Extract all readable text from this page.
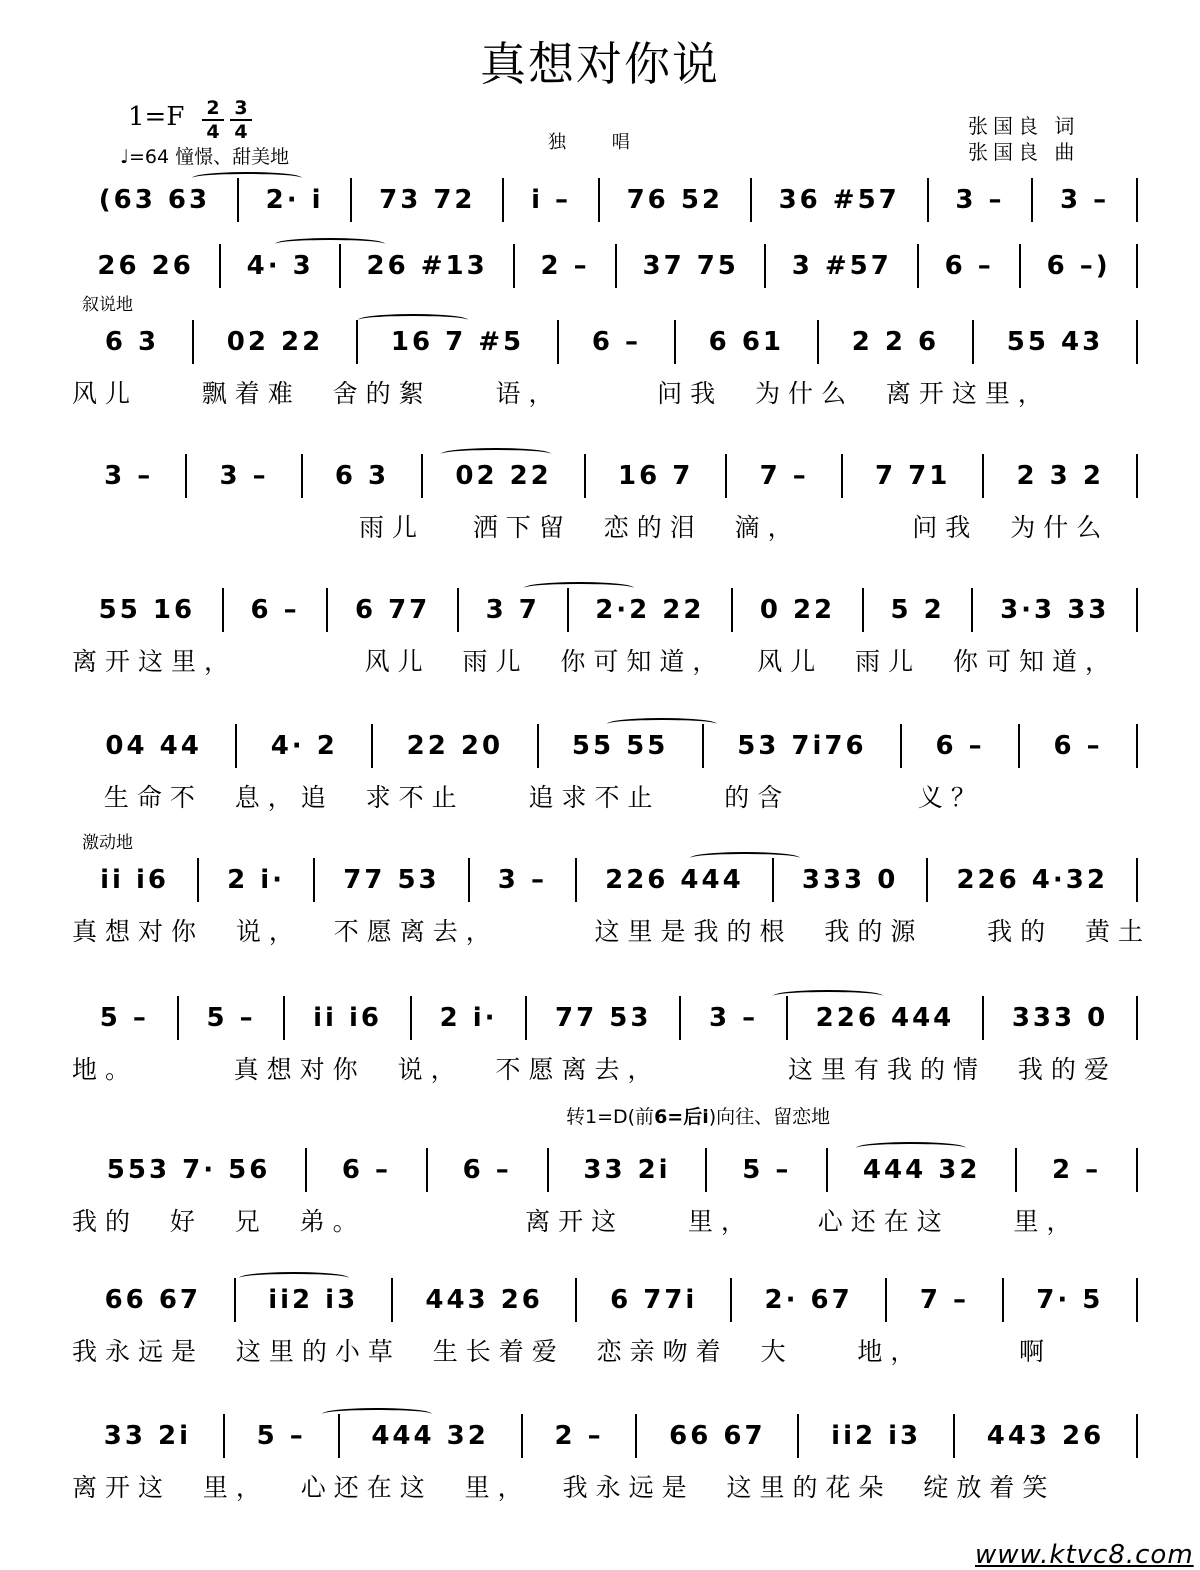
真想对你说
1=F	2
4
3
4
♩=64 憧憬、甜美地
独 唱
张国良 词
张国良 曲
(63 63	2· i	73 72	i –	76 52	36 #57	3 –	3 –
26 26	4· 3	26 #13	2 –	37 75	3 #57	6 –	6 –)
叙说地
6 3	02 22	16 7 #5	6 –	6 61	2 2 6	55 43
风儿    飘着难  舍的絮    语，      问我  为什么  离开这里，
3 –	3 –	6 3	02 22	16 7	7 –	7 71	2 3 2
雨儿   洒下留  恋的泪  滴，       问我  为什么
55 16	6 –	6 77	3 7	2·2 22	0 22	5 2	3·3 33
离开这里，        风儿  雨儿  你可知道，  风儿  雨儿  你可知道，
04 44	4· 2	22 20	55 55	53 7i76	6 –	6 –
生命不  息，追  求不止    追求不止    的含        义？
激动地
ii i6	2 i·	77 53	3 –	226 444	333 0	226 4·32
真想对你  说，  不愿离去，      这里是我的根  我的源    我的  黄土
5 –	5 –	ii i6	2 i·	77 53	3 –	226 444	333 0
地。      真想对你  说，  不愿离去，        这里有我的情  我的爱
553 7· 56	6 –	6 –	33 2i	5 –	444 32	2 –
我的  好  兄  弟。          离开这    里，    心还在这    里，
66 67	ii2 i3	443 26	6 77i	2· 67	7 –	7· 5
我永远是  这里的小草  生长着爱  恋亲吻着  大    地，      啊
33 2i	5 –	444 32	2 –	66 67	ii2 i3	443 26
离开这  里，  心还在这  里，  我永远是  这里的花朵  绽放着笑
转1=D(前6=后i)向往、留恋地
www.ktvc8.com
